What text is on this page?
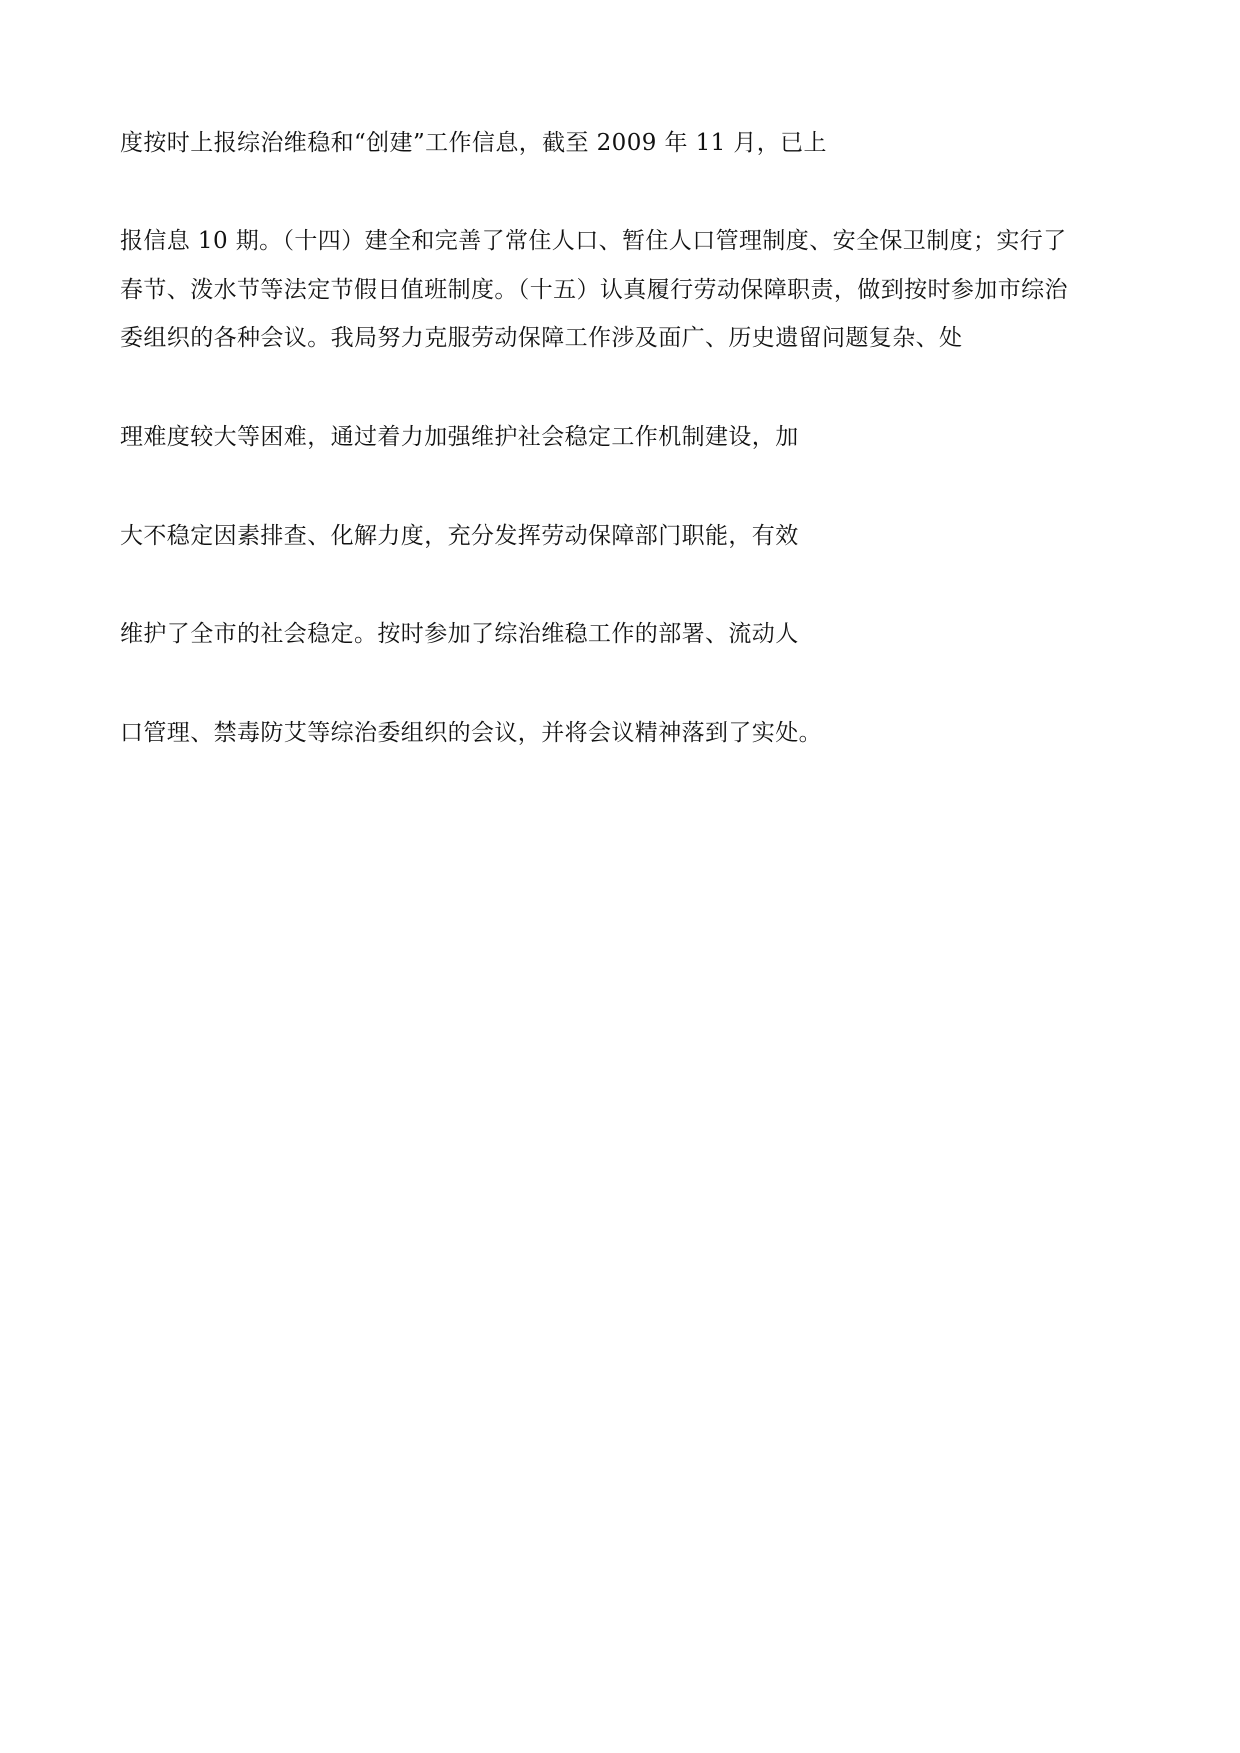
度按时上报综治维稳和“创建”工作信息，截至 2009 年 11 月，已上
报信息 10 期。（十四）建全和完善了常住人口、暂住人口管理制度、安全保卫制度；实行了
春节、泼水节等法定节假日值班制度。（十五）认真履行劳动保障职责，做到按时参加市综治
委组织的各种会议。我局努力克服劳动保障工作涉及面广、历史遗留问题复杂、处
理难度较大等困难，通过着力加强维护社会稳定工作机制建设，加
大不稳定因素排查、化解力度，充分发挥劳动保障部门职能，有效
维护了全市的社会稳定。按时参加了综治维稳工作的部署、流动人
口管理、禁毒防艾等综治委组织的会议，并将会议精神落到了实处。
